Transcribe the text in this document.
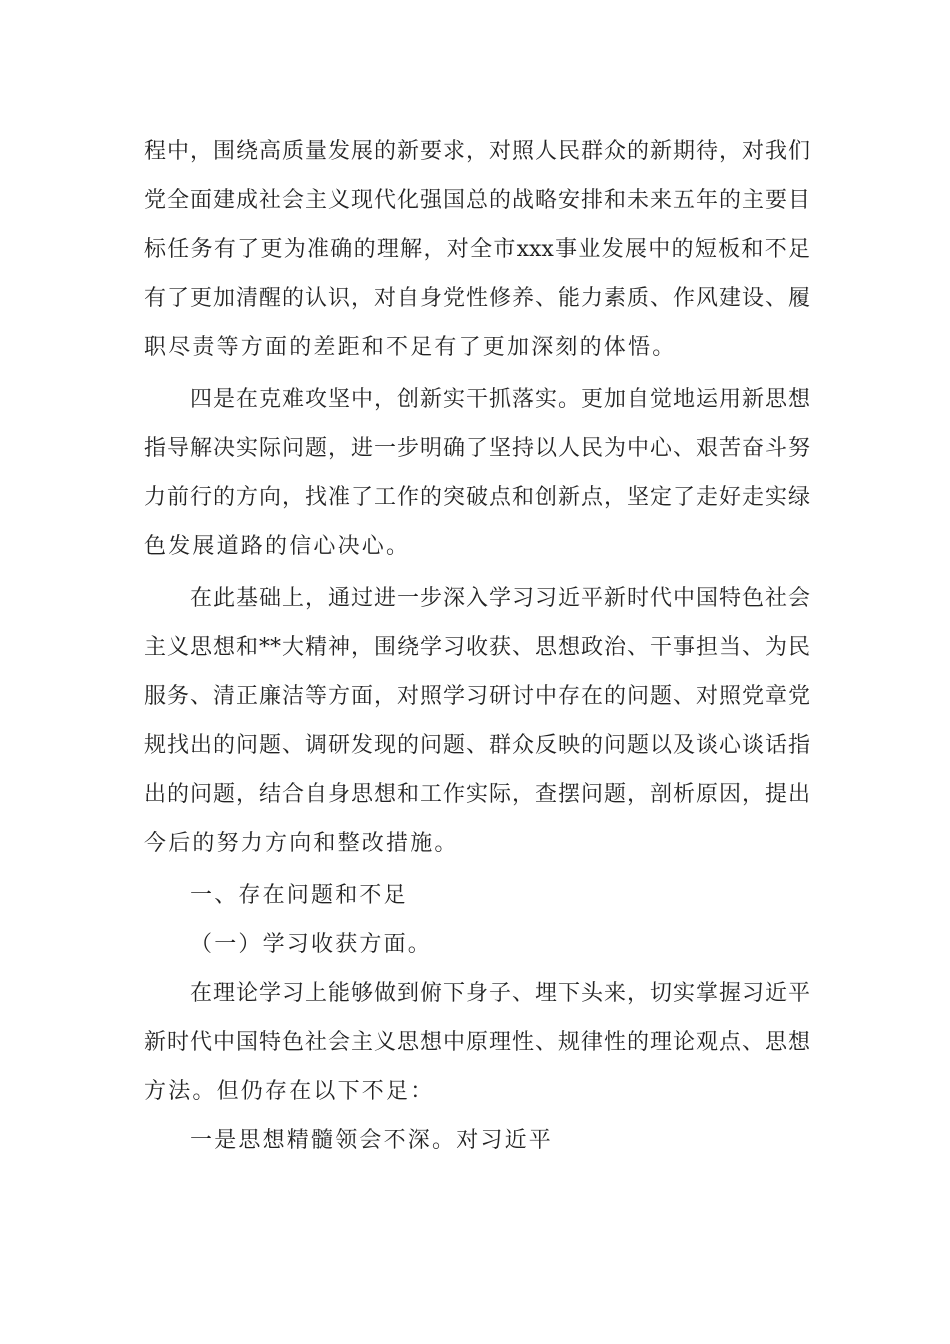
程中，围绕高质量发展的新要求，对照人民群众的新期待，对我们
党全面建成社会主义现代化强国总的战略安排和未来五年的主要目
标任务有了更为准确的理解，对全市xxx事业发展中的短板和不足
有了更加清醒的认识，对自身党性修养、能力素质、作风建设、履
职尽责等方面的差距和不足有了更加深刻的体悟。
四是在克难攻坚中，创新实干抓落实。更加自觉地运用新思想
指导解决实际问题，进一步明确了坚持以人民为中心、艰苦奋斗努
力前行的方向，找准了工作的突破点和创新点，坚定了走好走实绿
色发展道路的信心决心。
在此基础上，通过进一步深入学习习近平新时代中国特色社会
主义思想和**大精神，围绕学习收获、思想政治、干事担当、为民
服务、清正廉洁等方面，对照学习研讨中存在的问题、对照党章党
规找出的问题、调研发现的问题、群众反映的问题以及谈心谈话指
出的问题，结合自身思想和工作实际，查摆问题，剖析原因，提出
今后的努力方向和整改措施。
一、存在问题和不足
（一）学习收获方面。
在理论学习上能够做到俯下身子、埋下头来，切实掌握习近平
新时代中国特色社会主义思想中原理性、规律性的理论观点、思想
方法。但仍存在以下不足：
一是思想精髓领会不深。对习近平
